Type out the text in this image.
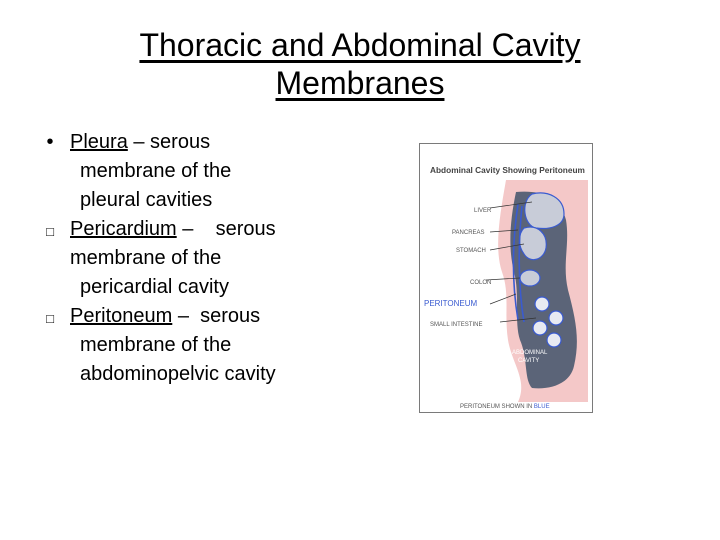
Thoracic and Abdominal Cavity
Membranes
• Pleura – serous
membrane of the
pleural cavities
□ Pericardium –    serous
membrane of the
pericardial cavity
□ Peritoneum –  serous
membrane of the
abdominopelvic cavity
Abdominal Cavity Showing Peritoneum
LIVER
PANCREAS
STOMACH
COLON
SMALL INTESTINE
PERITONEUM
ABDOMINAL
CAVITY
PERITONEUM SHOWN IN BLUE
